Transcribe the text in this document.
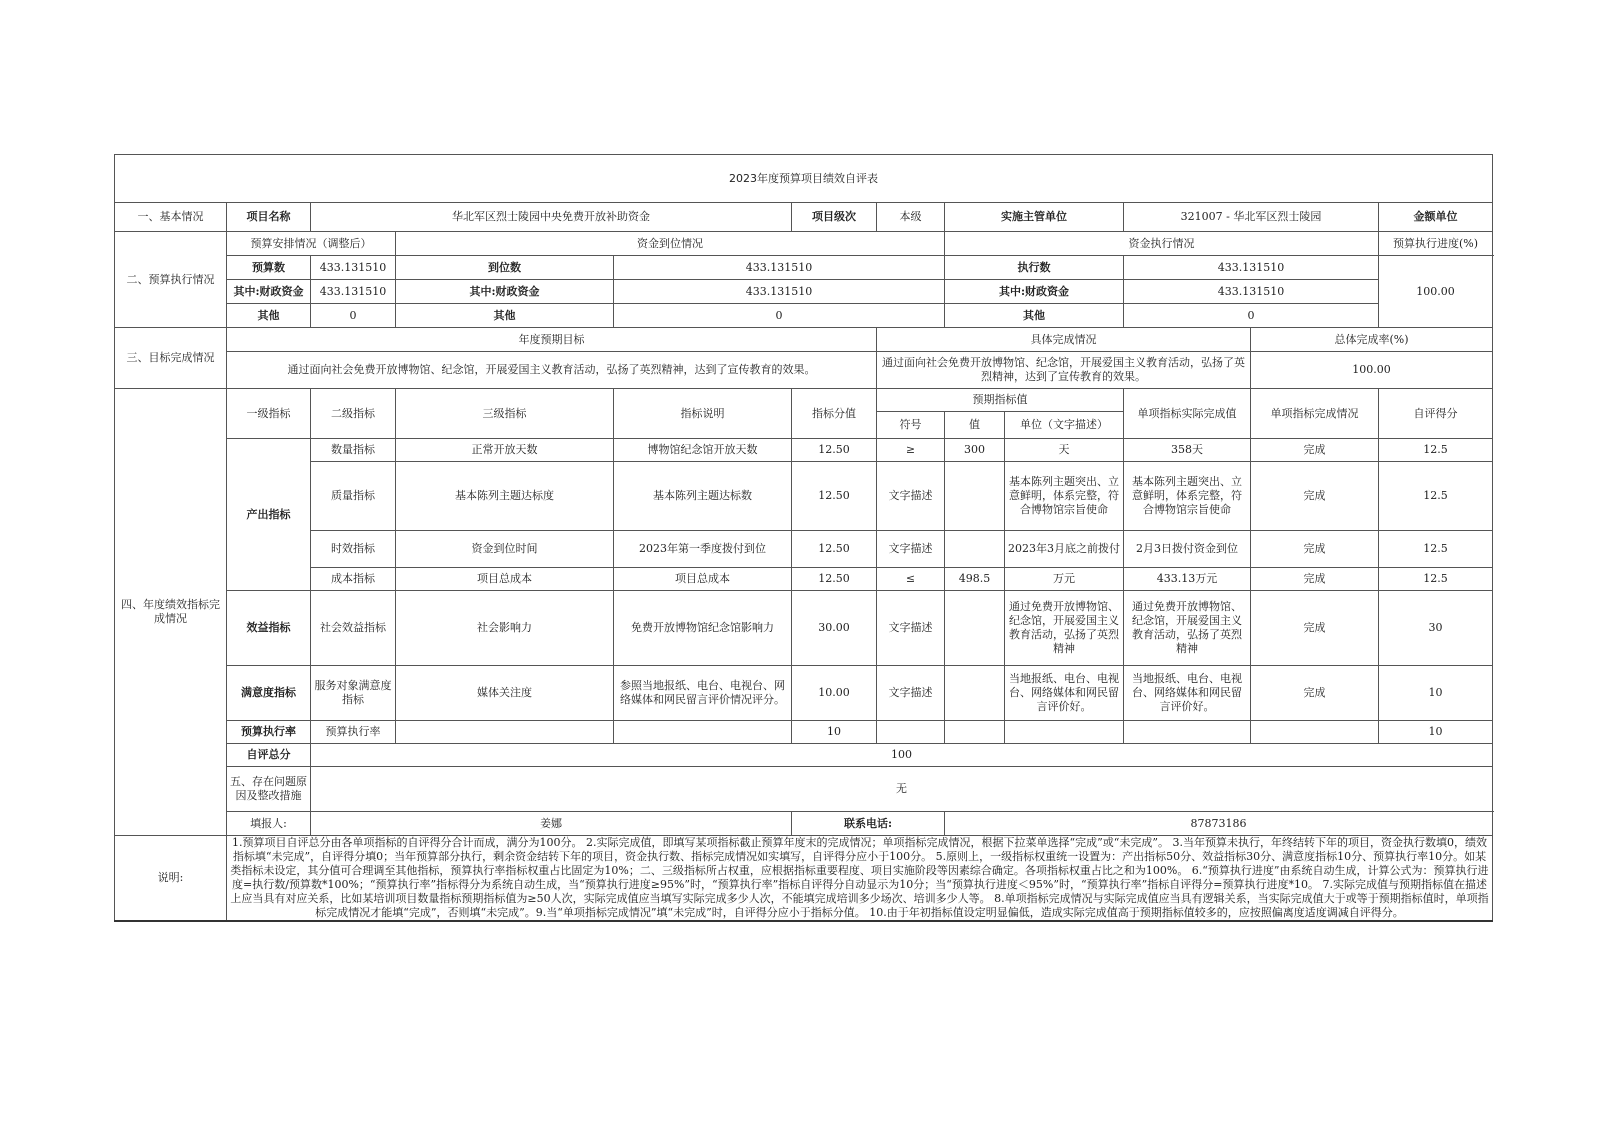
2023年度预算项目绩效自评表												
一、基本情况	项目名称	华北军区烈士陵园中央免费开放补助资金			项目级次	本级	实施主管单位		321007 - 华北军区烈士陵园		金额单位	
二、预算执行情况	预算安排情况（调整后）		资金到位情况				资金执行情况				预算执行进度(%)	
	预算数	433.131510	到位数	433.131510			执行数		433.131510		100.00	
	其中:财政资金	433.131510	其中:财政资金	433.131510			其中:财政资金		433.131510			
	其他	0	其他	0			其他		0			
三、目标完成情况	年度预期目标					具体完成情况				总体完成率(%)		
	通过面向社会免费开放博物馆、纪念馆，开展爱国主义教育活动，弘扬了英烈精神，达到了宣传教育的效果。					通过面向社会免费开放博物馆、纪念馆，开展爱国主义教育活动，弘扬了英烈精神，达到了宣传教育的效果。				100.00		
四、年度绩效指标完成情况	一级指标	二级指标	三级指标	指标说明	指标分值	预期指标值			单项指标实际完成值	单项指标完成情况	自评得分	
						符号	值	单位（文字描述）				
	产出指标	数量指标	正常开放天数	博物馆纪念馆开放天数	12.50	≥	300	天	358天	完成	12.5	
		质量指标	基本陈列主题达标度	基本陈列主题达标数	12.50	文字描述		基本陈列主题突出、立意鲜明，体系完整，符合博物馆宗旨使命	基本陈列主题突出、立意鲜明，体系完整，符合博物馆宗旨使命	完成	12.5	
		时效指标	资金到位时间	2023年第一季度拨付到位	12.50	文字描述		2023年3月底之前拨付	2月3日拨付资金到位	完成	12.5	
		成本指标	项目总成本	项目总成本	12.50	≤	498.5	万元	433.13万元	完成	12.5	
	效益指标	社会效益指标	社会影响力	免费开放博物馆纪念馆影响力	30.00	文字描述		通过免费开放博物馆、纪念馆，开展爱国主义教育活动，弘扬了英烈精神	通过免费开放博物馆、纪念馆，开展爱国主义教育活动，弘扬了英烈精神	完成	30	
	满意度指标	服务对象满意度指标	媒体关注度	参照当地报纸、电台、电视台、网络媒体和网民留言评价情况评分。	10.00	文字描述		当地报纸、电台、电视台、网络媒体和网民留言评价好。	当地报纸、电台、电视台、网络媒体和网民留言评价好。	完成	10	
	预算执行率	预算执行率			10						10	
	自评总分	100										
	五、存在问题原因及整改措施	无										
	填报人:	姜娜			联系电话:		87873186					
说明:	1.预算项目自评总分由各单项指标的自评得分合计而成，满分为100分。 2.实际完成值，即填写某项指标截止预算年度末的完成情况；单项指标完成情况，根据下拉菜单选择“完成”或“未完成”。 3.当年预算未执行，年终结转下年的项目，资金执行数填0，绩效指标填“未完成”，自评得分填0；当年预算部分执行，剩余资金结转下年的项目，资金执行数、指标完成情况如实填写，自评得分应小于100分。 5.原则上，一级指标权重统一设置为：产出指标50分、效益指标30分、满意度指标10分、预算执行率10分。如某类指标未设定，其分值可合理调至其他指标，预算执行率指标权重占比固定为10%；二、三级指标所占权重，应根据指标重要程度、项目实施阶段等因素综合确定。各项指标权重占比之和为100%。 6.“预算执行进度”由系统自动生成，计算公式为：预算执行进度=执行数/预算数*100%；“预算执行率”指标得分为系统自动生成，当“预算执行进度≥95%”时，“预算执行率”指标自评得分自动显示为10分；当“预算执行进度＜95%”时，“预算执行率”指标自评得分=预算执行进度*10。 7.实际完成值与预期指标值在描述上应当具有对应关系，比如某培训项目数量指标预期指标值为≥50人次，实际完成值应当填写实际完成多少人次，不能填完成培训多少场次、培训多少人等。 8.单项指标完成情况与实际完成值应当具有逻辑关系，当实际完成值大于或等于预期指标值时，单项指标完成情况才能填“完成”，否则填“未完成”。9.当“单项指标完成情况”填“未完成”时，自评得分应小于指标分值。 10.由于年初指标值设定明显偏低，造成实际完成值高于预期指标值较多的，应按照偏离度适度调减自评得分。											
